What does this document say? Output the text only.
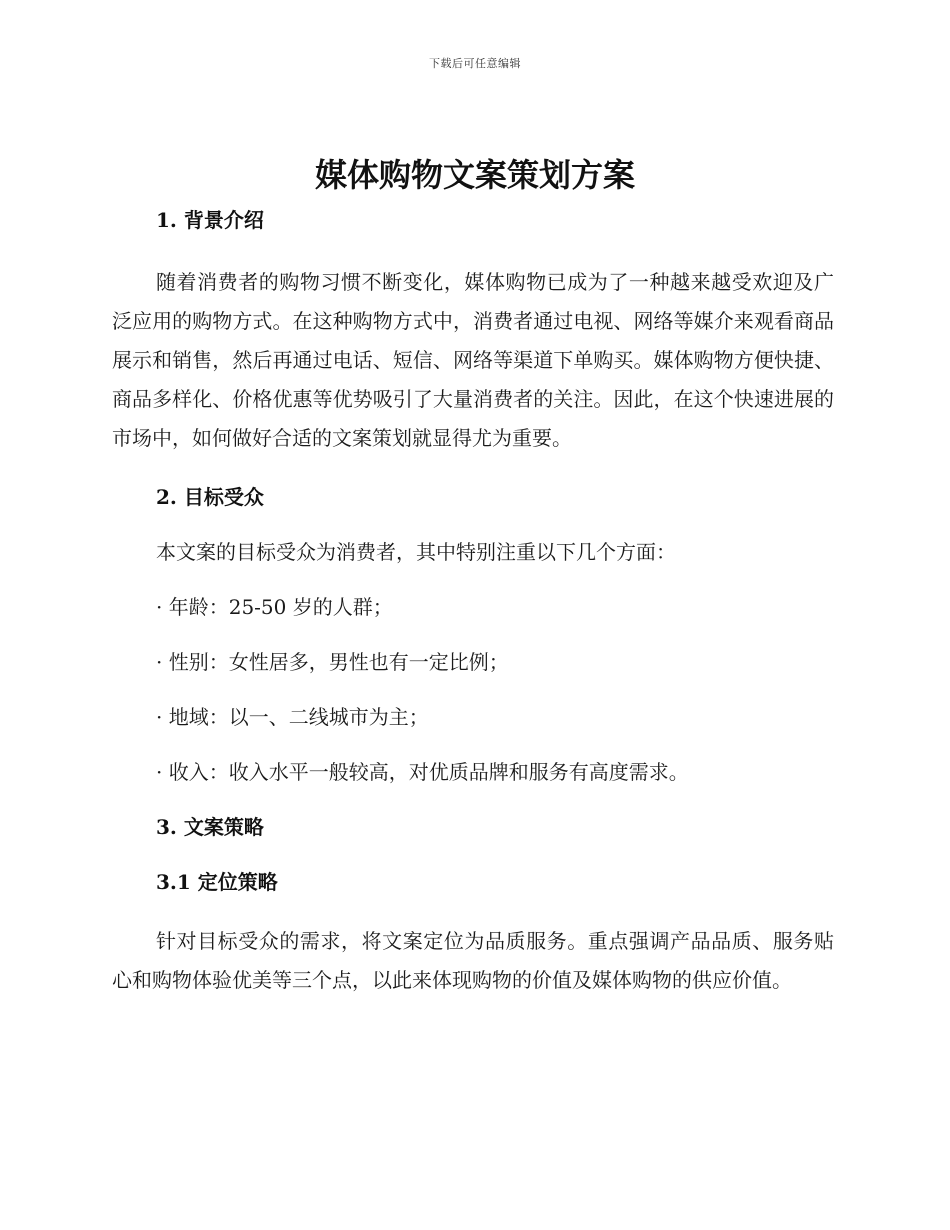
下载后可任意编辑
媒体购物文案策划方案
1. 背景介绍

随着消费者的购物习惯不断变化，媒体购物已成为了一种越来越受欢迎及广泛应用的购物方式。在这种购物方式中，消费者通过电视、网络等媒介来观看商品展示和销售，然后再通过电话、短信、网络等渠道下单购买。媒体购物方便快捷、商品多样化、价格优惠等优势吸引了大量消费者的关注。因此，在这个快速进展的市场中，如何做好合适的文案策划就显得尤为重要。

2. 目标受众

本文案的目标受众为消费者，其中特别注重以下几个方面：

· 年龄：25-50 岁的人群；

· 性别：女性居多，男性也有一定比例；

· 地域：以一、二线城市为主；

· 收入：收入水平一般较高，对优质品牌和服务有高度需求。

3. 文案策略
3.1 定位策略

针对目标受众的需求，将文案定位为品质服务。重点强调产品品质、服务贴心和购物体验优美等三个点，以此来体现购物的价值及媒体购物的供应价值。
